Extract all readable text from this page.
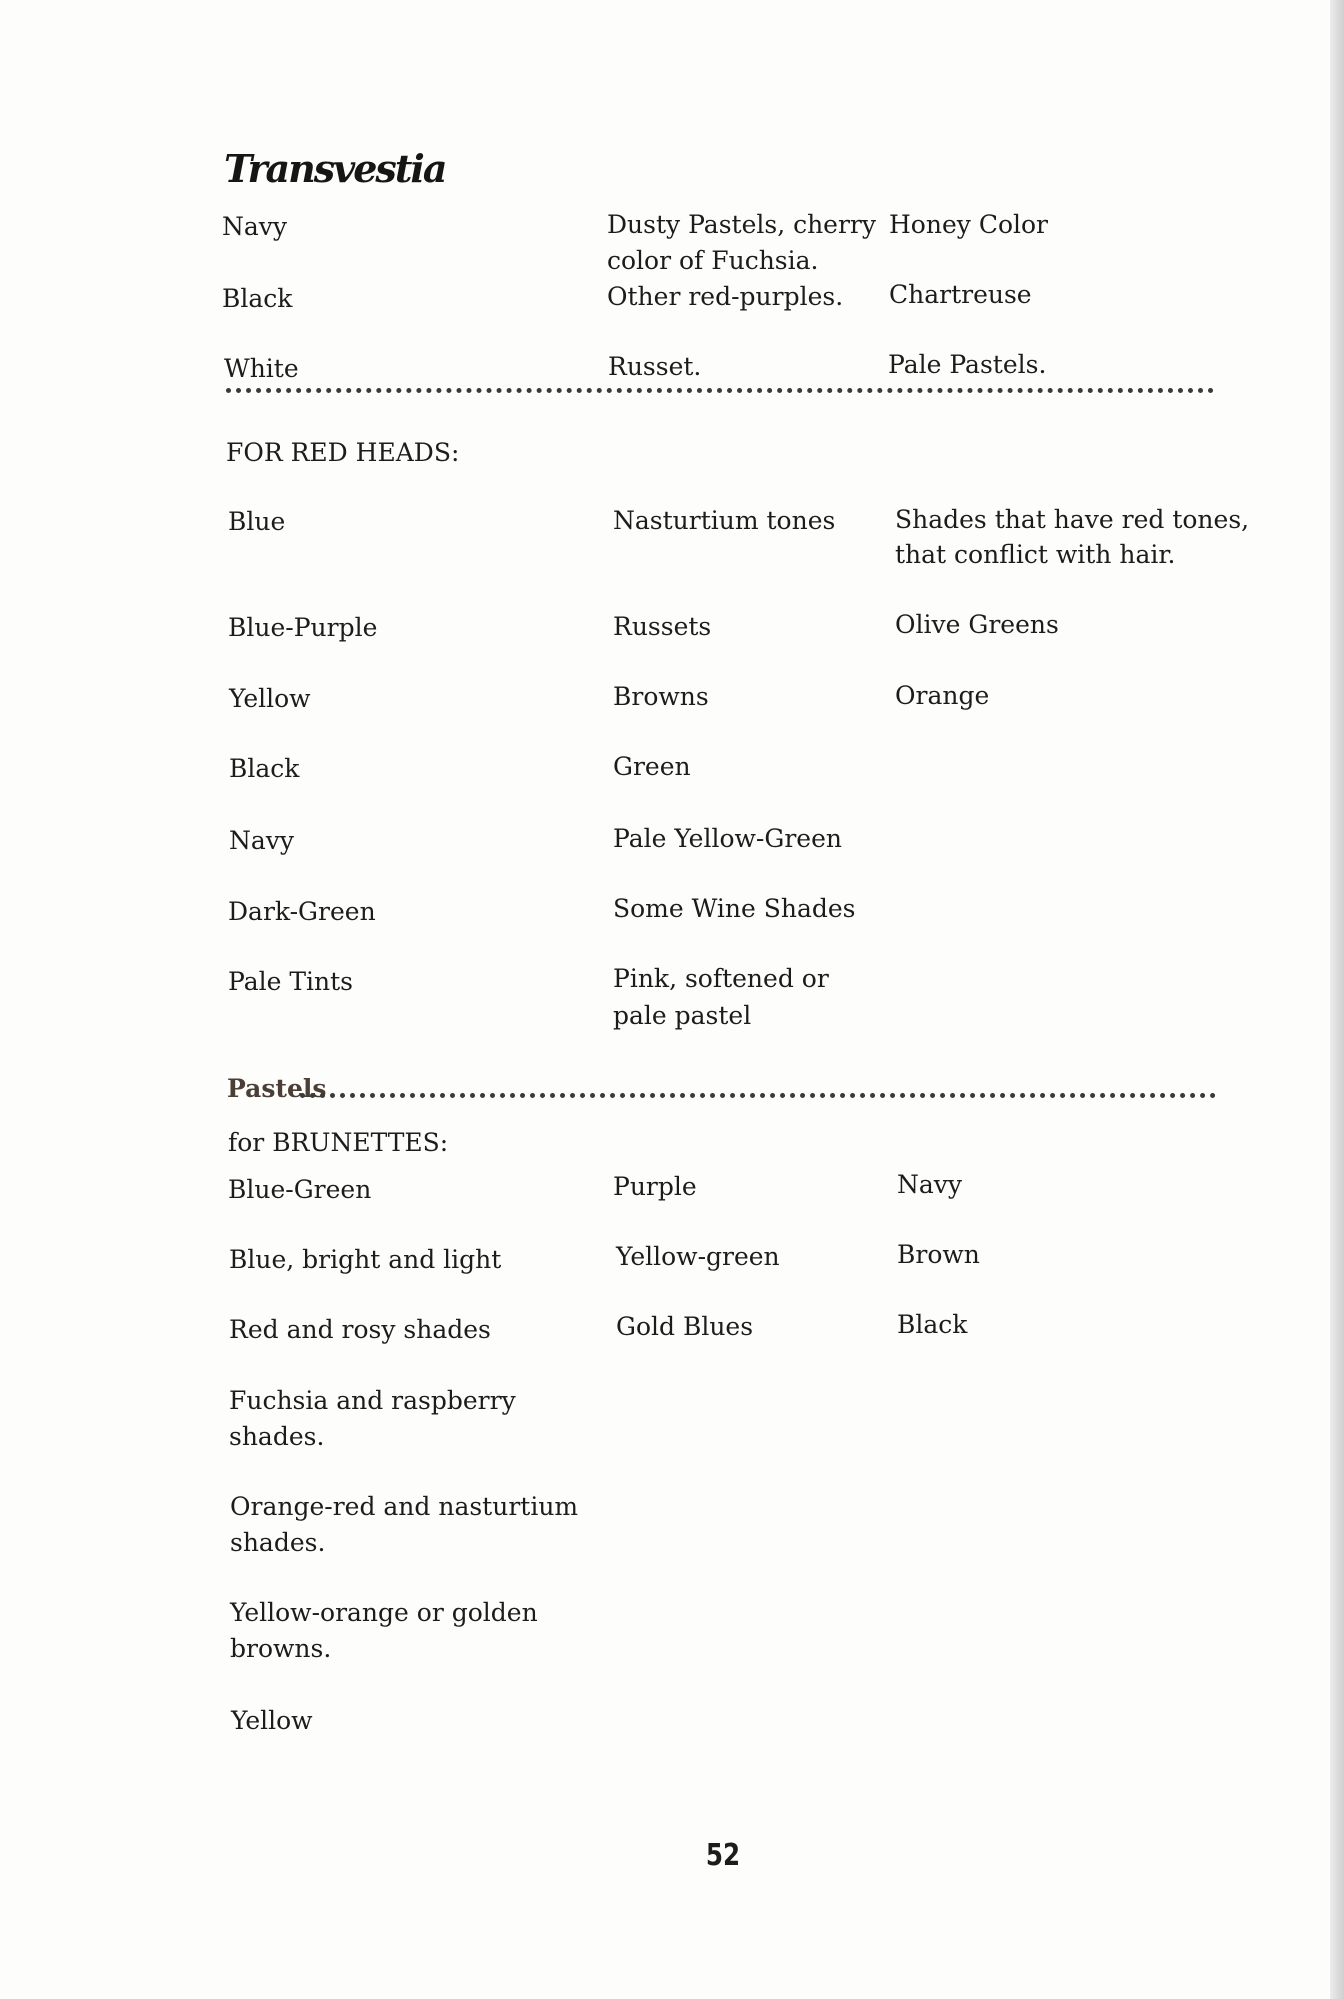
Transvestia
Navy
Black
White
Dusty Pastels, cherry
color of Fuchsia.
Other red-purples.
Russet.
Honey Color
Chartreuse
Pale Pastels.
FOR RED HEADS:
Blue
Blue-Purple
Yellow
Black
Navy
Dark-Green
Pale Tints
Nasturtium tones
Russets
Browns
Green
Pale Yellow-Green
Some Wine Shades
Pink, softened or
pale pastel
Shades that have red tones,
that conflict with hair.
Olive Greens
Orange
Pastels
for BRUNETTES:
Blue-Green
Blue, bright and light
Red and rosy shades
Fuchsia and raspberry
shades.
Orange-red and nasturtium
shades.
Yellow-orange or golden
browns.
Yellow
Purple
Yellow-green
Gold Blues
Navy
Brown
Black
52
